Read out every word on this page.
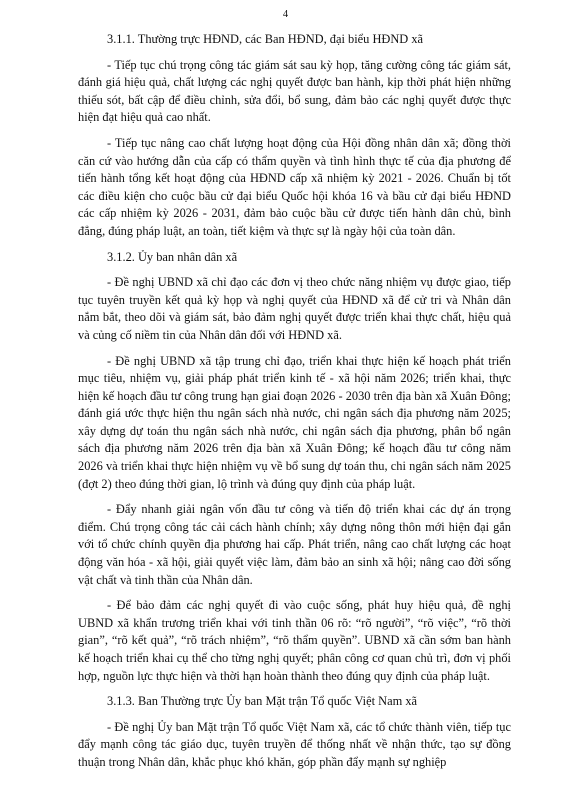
4

3.1.1. Thường trực HĐND, các Ban HĐND, đại biểu HĐND xã

- Tiếp tục chú trọng công tác giám sát sau kỳ họp, tăng cường công tác giám sát, đánh giá hiệu quả, chất lượng các nghị quyết được ban hành, kịp thời phát hiện những thiếu sót, bất cập để điều chỉnh, sửa đổi, bổ sung, đảm bảo các nghị quyết được thực hiện đạt hiệu quả cao nhất.

- Tiếp tục nâng cao chất lượng hoạt động của Hội đồng nhân dân xã; đồng thời căn cứ vào hướng dẫn của cấp có thẩm quyền và tình hình thực tế của địa phương để tiến hành tổng kết hoạt động của HĐND cấp xã nhiệm kỳ 2021 - 2026. Chuẩn bị tốt các điều kiện cho cuộc bầu cử đại biểu Quốc hội khóa 16 và bầu cử đại biểu HĐND các cấp nhiệm kỳ 2026 - 2031, đảm bảo cuộc bầu cử được tiến hành dân chủ, bình đẳng, đúng pháp luật, an toàn, tiết kiệm và thực sự là ngày hội của toàn dân.

3.1.2. Ủy ban nhân dân xã

- Đề nghị UBND xã chỉ đạo các đơn vị theo chức năng nhiệm vụ được giao, tiếp tục tuyên truyền kết quả kỳ họp và nghị quyết của HĐND xã để cử tri và Nhân dân nắm bắt, theo dõi và giám sát, bảo đảm nghị quyết được triển khai thực chất, hiệu quả và củng cố niềm tin của Nhân dân đối với HĐND xã.

- Đề nghị UBND xã tập trung chỉ đạo, triển khai thực hiện kế hoạch phát triển mục tiêu, nhiệm vụ, giải pháp phát triển kinh tế - xã hội năm 2026; triển khai, thực hiện kế hoạch đầu tư công trung hạn giai đoạn 2026 - 2030 trên địa bàn xã Xuân Đông; đánh giá ước thực hiện thu ngân sách nhà nước, chi ngân sách địa phương năm 2025; xây dựng dự toán thu ngân sách nhà nước, chi ngân sách địa phương, phân bổ ngân sách địa phương năm 2026 trên địa bàn xã Xuân Đông; kế hoạch đầu tư công năm 2026 và triển khai thực hiện nhiệm vụ về bổ sung dự toán thu, chi ngân sách năm 2025 (đợt 2) theo đúng thời gian, lộ trình và đúng quy định của pháp luật.

- Đẩy nhanh giải ngân vốn đầu tư công và tiến độ triển khai các dự án trọng điểm. Chú trọng công tác cải cách hành chính; xây dựng nông thôn mới hiện đại gắn với tổ chức chính quyền địa phương hai cấp. Phát triển, nâng cao chất lượng các hoạt động văn hóa - xã hội, giải quyết việc làm, đảm bảo an sinh xã hội; nâng cao đời sống vật chất và tinh thần của Nhân dân.

- Để bảo đảm các nghị quyết đi vào cuộc sống, phát huy hiệu quả, đề nghị UBND xã khẩn trương triển khai với tinh thần 06 rõ: “rõ người”, “rõ việc”, “rõ thời gian”, “rõ kết quả”, “rõ trách nhiệm”, “rõ thẩm quyền”. UBND xã cần sớm ban hành kế hoạch triển khai cụ thể cho từng nghị quyết; phân công cơ quan chủ trì, đơn vị phối hợp, nguồn lực thực hiện và thời hạn hoàn thành theo đúng quy định của pháp luật.

3.1.3. Ban Thường trực Ủy ban Mặt trận Tổ quốc Việt Nam xã

- Đề nghị Ủy ban Mặt trận Tổ quốc Việt Nam xã, các tổ chức thành viên, tiếp tục đẩy mạnh công tác giáo dục, tuyên truyền để thống nhất về nhận thức, tạo sự đồng thuận trong Nhân dân, khắc phục khó khăn, góp phần đẩy mạnh sự nghiệp
